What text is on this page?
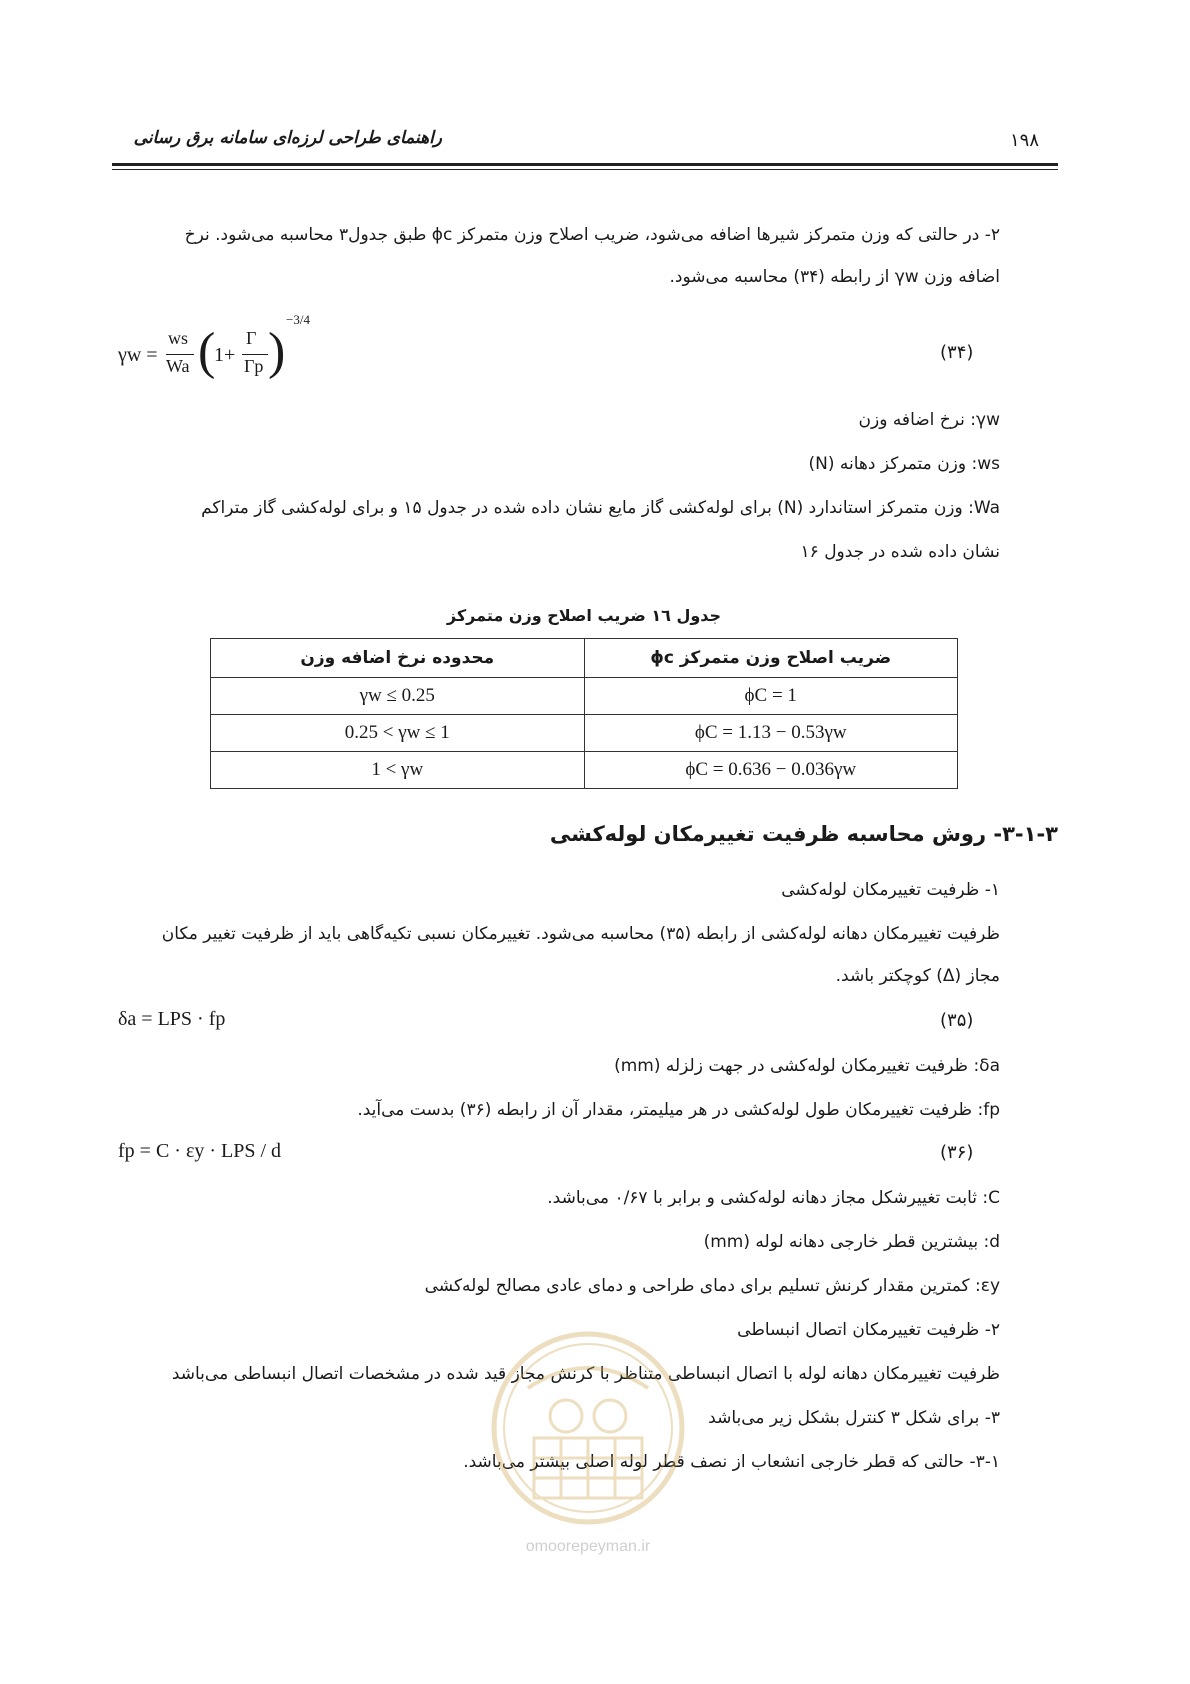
۱۹۸
راهنمای طراحی لرزه‌ای سامانه برق رسانی
۲- در حالتی که وزن متمرکز شیرها اضافه می‌شود، ضریب اصلاح وزن متمرکز ϕc طبق جدول۳ محاسبه می‌شود. نرخ
اضافه وزن γw از رابطه (۳۴) محاسبه می‌شود.
γw =
ws
Wa (
1+
Γ
Γp )
−3/4
(۳۴)
γw: نرخ اضافه وزن
ws: وزن متمرکز دهانه (N)
Wa: وزن متمرکز استاندارد (N) برای لوله‌کشی گاز مایع نشان داده شده در جدول ۱۵ و برای لوله‌کشی گاز متراکم
نشان داده شده در جدول ۱۶
جدول ۱٦ ضریب اصلاح وزن متمرکز
ضریب اصلاح وزن متمرکز ϕc	محدوده نرخ اضافه وزن
ϕC = 1	γw ≤ 0.25
ϕC = 1.13 − 0.53γw	0.25 < γw ≤ 1
ϕC = 0.636 − 0.036γw	1 < γw
۳-۱-۳- روش محاسبه ظرفیت تغییرمکان لوله‌کشی
۱- ظرفیت تغییرمکان لوله‌کشی
ظرفیت تغییرمکان دهانه لوله‌کشی از رابطه (۳۵) محاسبه می‌شود. تغییرمکان نسبی تکیه‌گاهی باید از ظرفیت تغییر مکان
مجاز (Δ) کوچکتر باشد.
δa = LPS · fp	(۳۵)
δa: ظرفیت تغییرمکان لوله‌کشی در جهت زلزله (mm)
fp: ظرفیت تغییرمکان طول لوله‌کشی در هر میلیمتر، مقدار آن از رابطه (۳۶) بدست می‌آید.
fp = C · εy · LPS / d	(۳۶)
C: ثابت تغییرشکل مجاز دهانه لوله‌کشی و برابر با ۰/۶۷ می‌باشد.
d: بیشترین قطر خارجی دهانه لوله (mm)
εy: کمترین مقدار کرنش تسلیم برای دمای طراحی و دمای عادی مصالح لوله‌کشی
۲- ظرفیت تغییرمکان اتصال انبساطی
ظرفیت تغییرمکان دهانه لوله با اتصال انبساطی متناظر با کرنش مجاز قید شده در مشخصات اتصال انبساطی می‌باشد
۳- برای شکل ۳ کنترل بشکل زیر می‌باشد
۳-۱- حالتی که قطر خارجی انشعاب از نصف قطر لوله اصلی بیشتر می‌باشد.
omoorepeyman.ir
